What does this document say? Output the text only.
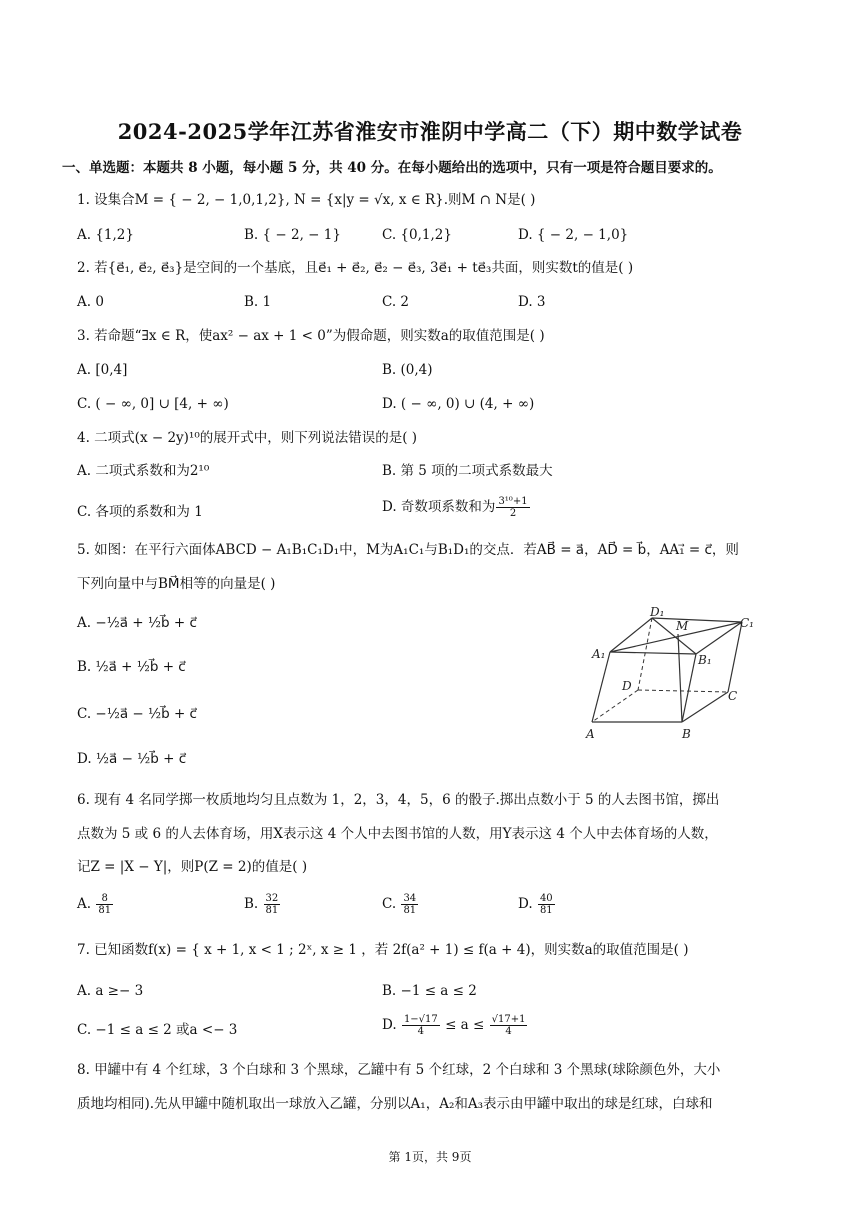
2024-2025学年江苏省淮安市淮阴中学高二（下）期中数学试卷
一、单选题：本题共 8 小题，每小题 5 分，共 40 分。在每小题给出的选项中，只有一项是符合题目要求的。
1. 设集合M = { − 2, − 1,0,1,2}, N = {x|y = √x, x ∈ R}.则M ∩ N是( )
A. {1,2}	B. { − 2, − 1}	C. {0,1,2}	D. { − 2, − 1,0}
2. 若{e⃗₁, e⃗₂, e⃗₃}是空间的一个基底，且e⃗₁ + e⃗₂, e⃗₂ − e⃗₃, 3e⃗₁ + te⃗₃共面，则实数t的值是( )
A. 0	B. 1	C. 2	D. 3
3. 若命题“∃x ∈ R，使ax² − ax + 1 < 0”为假命题，则实数a的取值范围是( )
A. [0,4]	B. (0,4)
C. ( − ∞, 0] ∪ [4, + ∞)	D. ( − ∞, 0) ∪ (4, + ∞)
4. 二项式(x − 2y)¹⁰的展开式中，则下列说法错误的是( )
A. 二项式系数和为2¹⁰	B. 第 5 项的二项式系数最大
C. 各项的系数和为 1	D. 奇数项系数和为 $\frac{\text{3¹⁰+1}}{2}$
5. 如图：在平行六面体ABCD − A₁B₁C₁D₁中，M为A₁C₁与B₁D₁的交点．若AB⃗ = a⃗，AD⃗ = b⃗，AA₁⃗ = c⃗，则
下列向量中与BM⃗相等的向量是( )
A. −½a⃗ + ½b⃗ + c⃗
B. ½a⃗ + ½b⃗ + c⃗
C. −½a⃗ − ½b⃗ + c⃗
D. ½a⃗ − ½b⃗ + c⃗
D₁
M	C₁
A₁	B₁
D
C
A	B
6. 现有 4 名同学掷一枚质地均匀且点数为 1，2，3，4，5，6 的骰子.掷出点数小于 5 的人去图书馆，掷出
点数为 5 或 6 的人去体育场，用X表示这 4 个人中去图书馆的人数，用Y表示这 4 个人中去体育场的人数，
记Z = |X − Y|，则P(Z = 2)的值是( )
A. $\frac{8}{81}$	B. $\frac{32}{81}$	C. $\frac{34}{81}$	D. $\frac{40}{81}$
7. 已知函数f(x) = { x + 1, x < 1 ; 2ˣ, x ≥ 1 ，若 2f(a² + 1) ≤ f(a + 4)，则实数a的取值范围是( )
A. a ≥− 3	B. −1 ≤ a ≤ 2
C. −1 ≤ a ≤ 2 或a <− 3	D. $\frac{1-√17}{4} \le a \le \frac{√17+1}{4}$
8. 甲罐中有 4 个红球，3 个白球和 3 个黑球，乙罐中有 5 个红球，2 个白球和 3 个黑球(球除颜色外，大小
质地均相同).先从甲罐中随机取出一球放入乙罐，分别以A₁，A₂和A₃表示由甲罐中取出的球是红球，白球和
第 1页，共 9页
